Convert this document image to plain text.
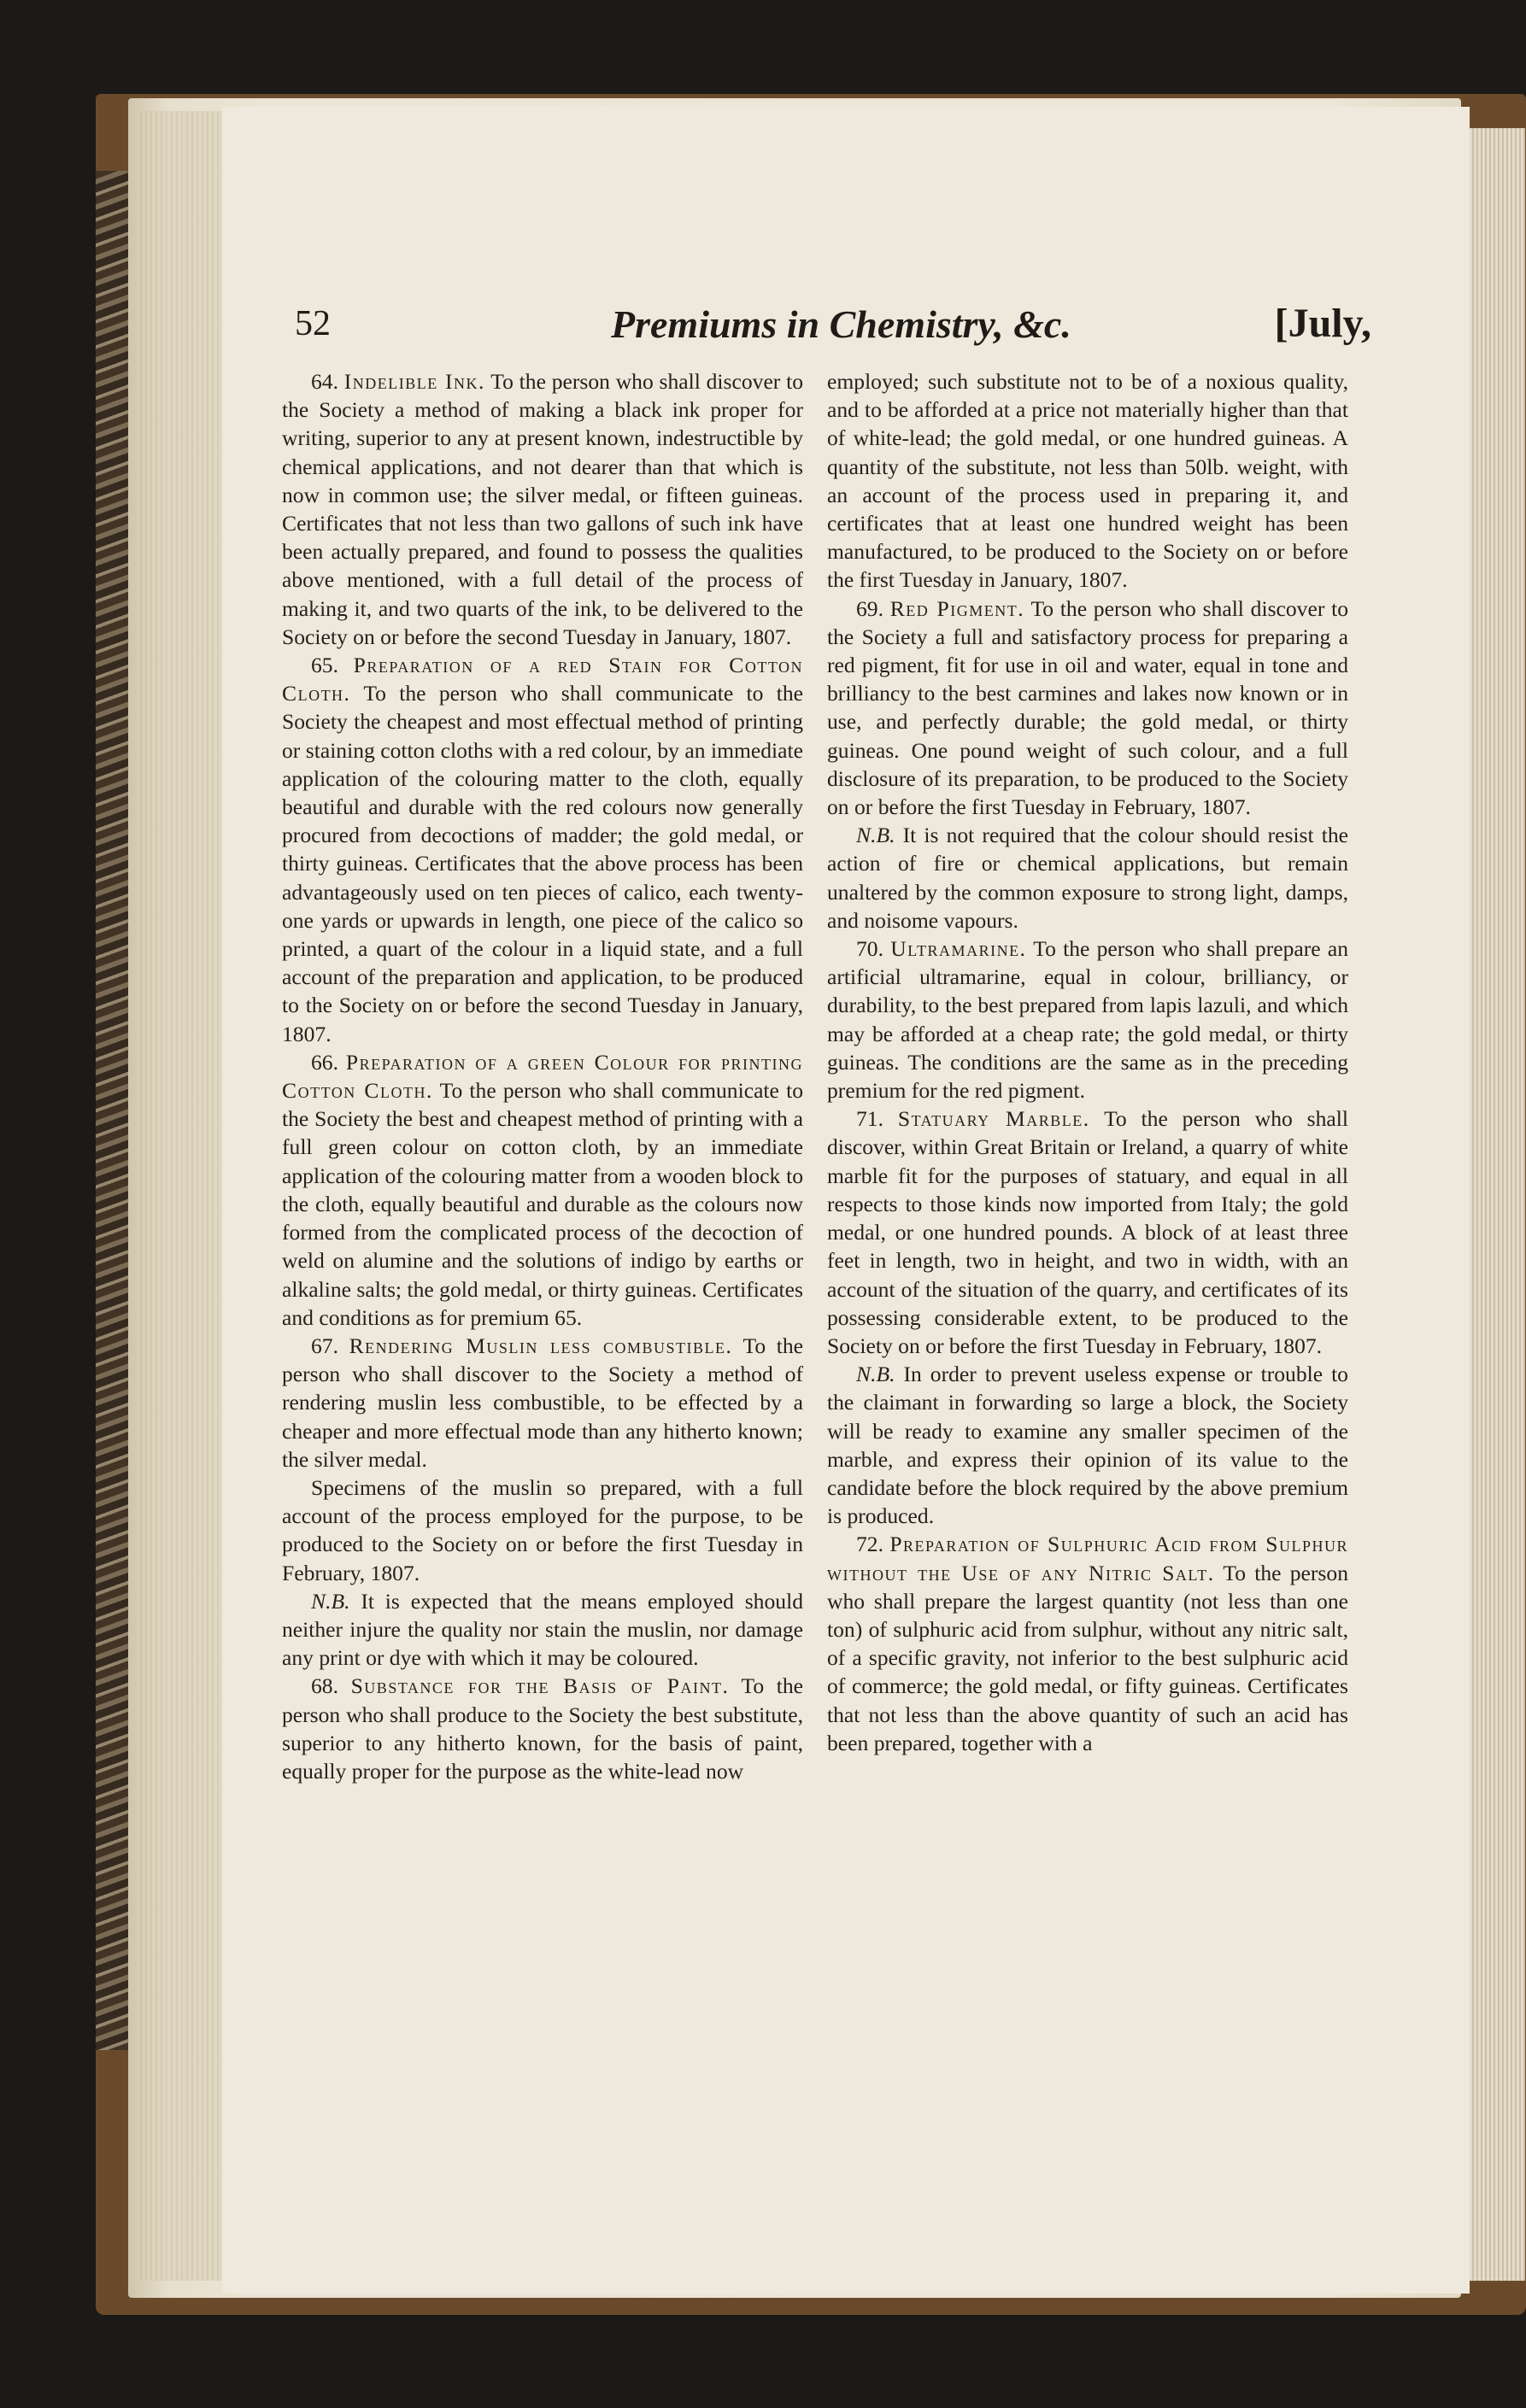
52	Premiums in Chemistry, &c.	[July,

64. Indelible Ink. To the person who shall discover to the Society a method of making a black ink proper for writing, superior to any at present known, indestructible by chemical applications, and not dearer than that which is now in common use; the silver medal, or fifteen guineas. Certificates that not less than two gallons of such ink have been actually prepared, and found to possess the qualities above mentioned, with a full detail of the process of making it, and two quarts of the ink, to be delivered to the Society on or before the second Tuesday in January, 1807.

65. Preparation of a red Stain for Cotton Cloth. To the person who shall communicate to the Society the cheapest and most effectual method of printing or staining cotton cloths with a red colour, by an immediate application of the colouring matter to the cloth, equally beautiful and durable with the red colours now generally procured from decoctions of madder; the gold medal, or thirty guineas. Certificates that the above process has been advantageously used on ten pieces of calico, each twenty-one yards or upwards in length, one piece of the calico so printed, a quart of the colour in a liquid state, and a full account of the preparation and application, to be produced to the Society on or before the second Tuesday in January, 1807.

66. Preparation of a green Colour for printing Cotton Cloth. To the person who shall communicate to the Society the best and cheapest method of printing with a full green colour on cotton cloth, by an immediate application of the colouring matter from a wooden block to the cloth, equally beautiful and durable as the colours now formed from the complicated process of the decoction of weld on alumine and the solutions of indigo by earths or alkaline salts; the gold medal, or thirty guineas. Certificates and conditions as for premium 65.

67. Rendering Muslin less combustible. To the person who shall discover to the Society a method of rendering muslin less combustible, to be effected by a cheaper and more effectual mode than any hitherto known; the silver medal.

Specimens of the muslin so prepared, with a full account of the process employed for the purpose, to be produced to the Society on or before the first Tuesday in February, 1807.

N.B. It is expected that the means employed should neither injure the quality nor stain the muslin, nor damage any print or dye with which it may be coloured.

68. Substance for the Basis of Paint. To the person who shall produce to the Society the best substitute, superior to any hitherto known, for the basis of paint, equally proper for the purpose as the white-lead now

employed; such substitute not to be of a noxious quality, and to be afforded at a price not materially higher than that of white-lead; the gold medal, or one hundred guineas. A quantity of the substitute, not less than 50lb. weight, with an account of the process used in preparing it, and certificates that at least one hundred weight has been manufactured, to be produced to the Society on or before the first Tuesday in January, 1807.

69. Red Pigment. To the person who shall discover to the Society a full and satisfactory process for preparing a red pigment, fit for use in oil and water, equal in tone and brilliancy to the best carmines and lakes now known or in use, and perfectly durable; the gold medal, or thirty guineas. One pound weight of such colour, and a full disclosure of its preparation, to be produced to the Society on or before the first Tuesday in February, 1807.

N.B. It is not required that the colour should resist the action of fire or chemical applications, but remain unaltered by the common exposure to strong light, damps, and noisome vapours.

70. Ultramarine. To the person who shall prepare an artificial ultramarine, equal in colour, brilliancy, or durability, to the best prepared from lapis lazuli, and which may be afforded at a cheap rate; the gold medal, or thirty guineas. The conditions are the same as in the preceding premium for the red pigment.

71. Statuary Marble. To the person who shall discover, within Great Britain or Ireland, a quarry of white marble fit for the purposes of statuary, and equal in all respects to those kinds now imported from Italy; the gold medal, or one hundred pounds. A block of at least three feet in length, two in height, and two in width, with an account of the situation of the quarry, and certificates of its possessing considerable extent, to be produced to the Society on or before the first Tuesday in February, 1807.

N.B. In order to prevent useless expense or trouble to the claimant in forwarding so large a block, the Society will be ready to examine any smaller specimen of the marble, and express their opinion of its value to the candidate before the block required by the above premium is produced.

72. Preparation of Sulphuric Acid from Sulphur without the Use of any Nitric Salt. To the person who shall prepare the largest quantity (not less than one ton) of sulphuric acid from sulphur, without any nitric salt, of a specific gravity, not inferior to the best sulphuric acid of commerce; the gold medal, or fifty guineas. Certificates that not less than the above quantity of such an acid has been prepared, together with a
